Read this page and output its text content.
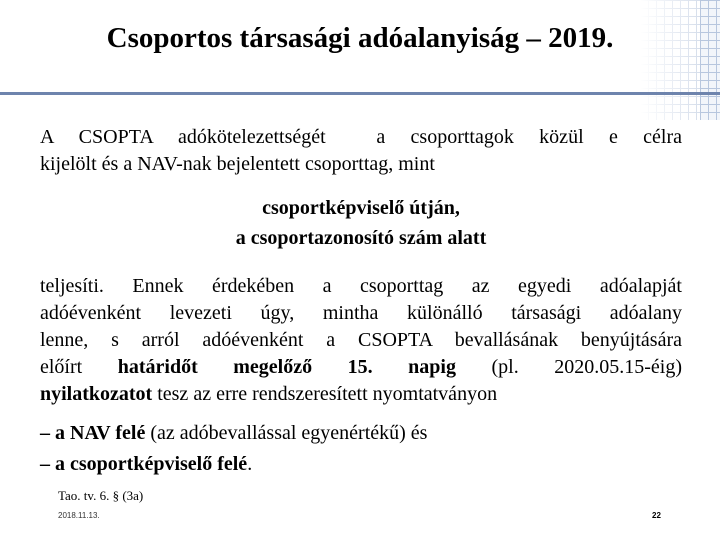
Csoportos társasági adóalanyiság – 2019.
A CSOPTA adókötelezettségét  a csoporttagok közül e célra
kijelölt és a NAV-nak bejelentett csoporttag, mint
csoportképviselő útján,
a csoportazonosító szám alatt
teljesíti. Ennek érdekében a csoporttag az egyedi adóalapját
adóévenként levezeti úgy, mintha különálló társasági adóalany
lenne, s arról adóévenként a CSOPTA bevallásának benyújtására
előírt határidőt megelőző 15. napig (pl. 2020.05.15-éig)
nyilatkozatot tesz az erre rendszeresített nyomtatványon
– a NAV felé (az adóbevallással egyenértékű) és
– a csoportképviselő felé.
Tao. tv. 6. § (3a)
2018.11.13.	22
